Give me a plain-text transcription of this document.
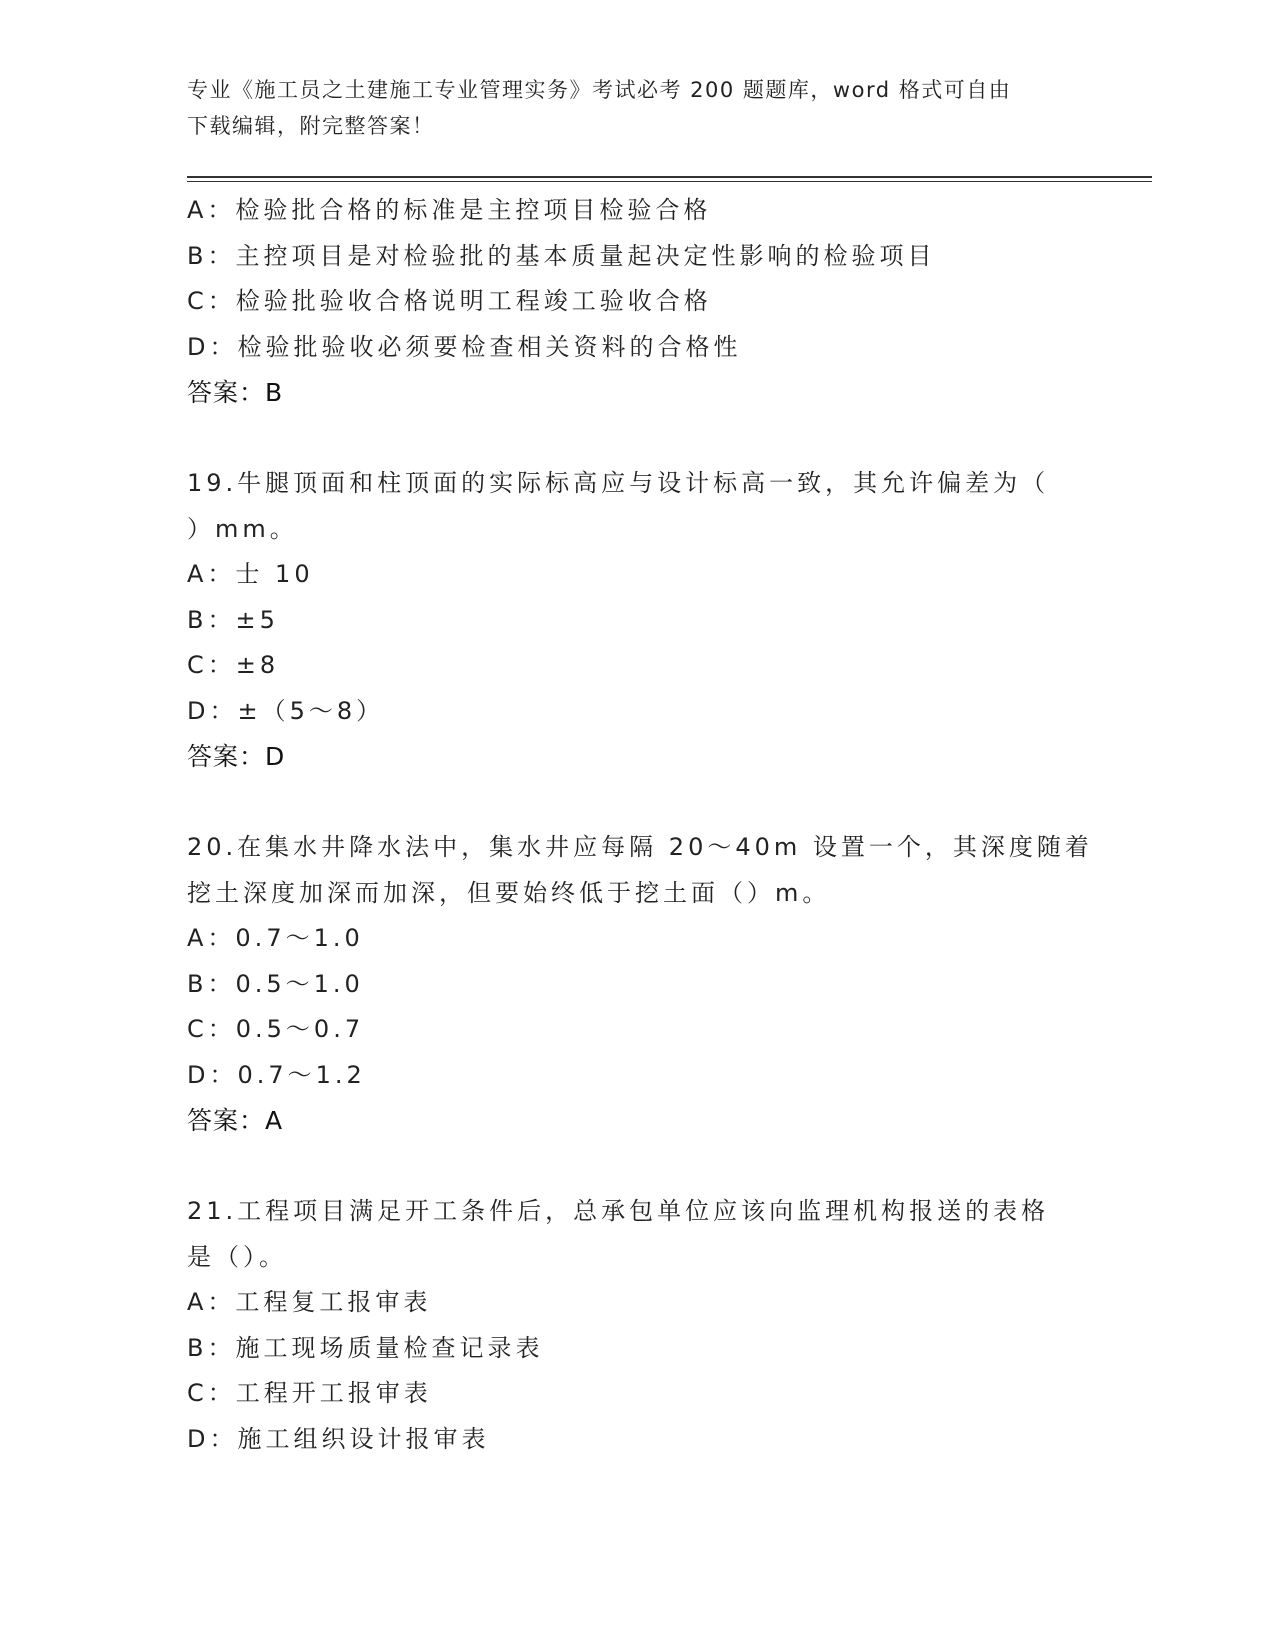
专业《施工员之土建施工专业管理实务》考试必考 200 题题库，word 格式可自由
下载编辑，附完整答案！
A：检验批合格的标准是主控项目检验合格
B：主控项目是对检验批的基本质量起决定性影响的检验项目
C：检验批验收合格说明工程竣工验收合格
D：检验批验收必须要检查相关资料的合格性
答案：B
19.牛腿顶面和柱顶面的实际标高应与设计标高一致，其允许偏差为（
）mm。
A：士 10
B：±5
C：±8
D：±（5～8）
答案：D
20.在集水井降水法中，集水井应每隔 20～40m 设置一个，其深度随着
挖土深度加深而加深，但要始终低于挖土面（）m。
A：0.7～1.0
B：0.5～1.0
C：0.5～0.7
D：0.7～1.2
答案：A
21.工程项目满足开工条件后，总承包单位应该向监理机构报送的表格
是（）。
A：工程复工报审表
B：施工现场质量检查记录表
C：工程开工报审表
D：施工组织设计报审表
